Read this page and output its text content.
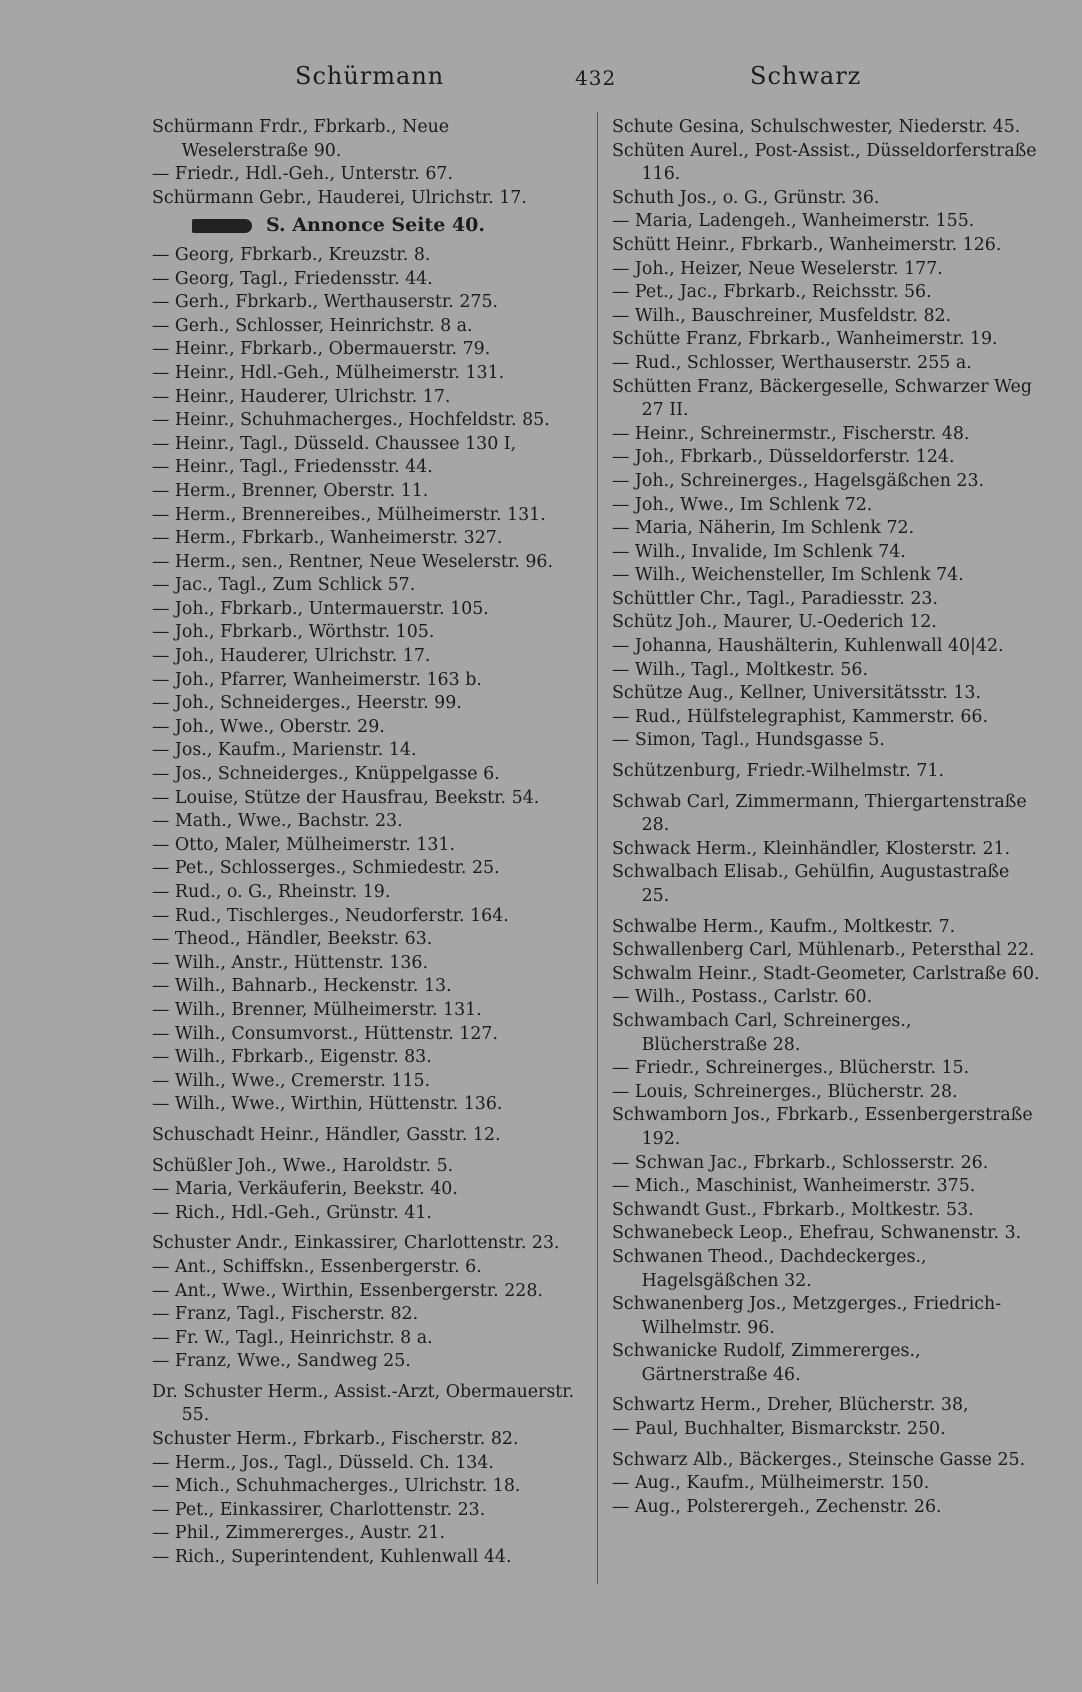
Schürmann	432	Schwarz

Schürmann Frdr., Fbrkarb., Neue Weselerstraße 90.

— Friedr., Hdl.-Geh., Unterstr. 67.

Schürmann Gebr., Hauderei, Ulrichstr. 17.

S. Annonce Seite 40.

— Georg, Fbrkarb., Kreuzstr. 8.

— Georg, Tagl., Friedensstr. 44.

— Gerh., Fbrkarb., Werthauserstr. 275.

— Gerh., Schlosser, Heinrichstr. 8 a.

— Heinr., Fbrkarb., Obermauerstr. 79.

— Heinr., Hdl.-Geh., Mülheimerstr. 131.

— Heinr., Hauderer, Ulrichstr. 17.

— Heinr., Schuhmacherges., Hochfeldstr. 85.

— Heinr., Tagl., Düsseld. Chaussee 130 I,

— Heinr., Tagl., Friedensstr. 44.

— Herm., Brenner, Oberstr. 11.

— Herm., Brennereibes., Mülheimerstr. 131.

— Herm., Fbrkarb., Wanheimerstr. 327.

— Herm., sen., Rentner, Neue Weselerstr. 96.

— Jac., Tagl., Zum Schlick 57.

— Joh., Fbrkarb., Untermauerstr. 105.

— Joh., Fbrkarb., Wörthstr. 105.

— Joh., Hauderer, Ulrichstr. 17.

— Joh., Pfarrer, Wanheimerstr. 163 b.

— Joh., Schneiderges., Heerstr. 99.

— Joh., Wwe., Oberstr. 29.

— Jos., Kaufm., Marienstr. 14.

— Jos., Schneiderges., Knüppelgasse 6.

— Louise, Stütze der Hausfrau, Beekstr. 54.

— Math., Wwe., Bachstr. 23.

— Otto, Maler, Mülheimerstr. 131.

— Pet., Schlosserges., Schmiedestr. 25.

— Rud., o. G., Rheinstr. 19.

— Rud., Tischlerges., Neudorferstr. 164.

— Theod., Händler, Beekstr. 63.

— Wilh., Anstr., Hüttenstr. 136.

— Wilh., Bahnarb., Heckenstr. 13.

— Wilh., Brenner, Mülheimerstr. 131.

— Wilh., Consumvorst., Hüttenstr. 127.

— Wilh., Fbrkarb., Eigenstr. 83.

— Wilh., Wwe., Cremerstr. 115.

— Wilh., Wwe., Wirthin, Hüttenstr. 136.

Schuschadt Heinr., Händler, Gasstr. 12.

Schüßler Joh., Wwe., Haroldstr. 5.

— Maria, Verkäuferin, Beekstr. 40.

— Rich., Hdl.-Geh., Grünstr. 41.

Schuster Andr., Einkassirer, Charlottenstr. 23.

— Ant., Schiffskn., Essenbergerstr. 6.

— Ant., Wwe., Wirthin, Essenbergerstr. 228.

— Franz, Tagl., Fischerstr. 82.

— Fr. W., Tagl., Heinrichstr. 8 a.

— Franz, Wwe., Sandweg 25.

Dr. Schuster Herm., Assist.-Arzt, Obermauerstr. 55.

Schuster Herm., Fbrkarb., Fischerstr. 82.

— Herm., Jos., Tagl., Düsseld. Ch. 134.

— Mich., Schuhmacherges., Ulrichstr. 18.

— Pet., Einkassirer, Charlottenstr. 23.

— Phil., Zimmererges., Austr. 21.

— Rich., Superintendent, Kuhlenwall 44.

Schute Gesina, Schulschwester, Niederstr. 45.

Schüten Aurel., Post-Assist., Düsseldorferstraße 116.

Schuth Jos., o. G., Grünstr. 36.

— Maria, Ladengeh., Wanheimerstr. 155.

Schütt Heinr., Fbrkarb., Wanheimerstr. 126.

— Joh., Heizer, Neue Weselerstr. 177.

— Pet., Jac., Fbrkarb., Reichsstr. 56.

— Wilh., Bauschreiner, Musfeldstr. 82.

Schütte Franz, Fbrkarb., Wanheimerstr. 19.

— Rud., Schlosser, Werthauserstr. 255 a.

Schütten Franz, Bäckergeselle, Schwarzer Weg 27 II.

— Heinr., Schreinermstr., Fischerstr. 48.

— Joh., Fbrkarb., Düsseldorferstr. 124.

— Joh., Schreinerges., Hagelsgäßchen 23.

— Joh., Wwe., Im Schlenk 72.

— Maria, Näherin, Im Schlenk 72.

— Wilh., Invalide, Im Schlenk 74.

— Wilh., Weichensteller, Im Schlenk 74.

Schüttler Chr., Tagl., Paradiesstr. 23.

Schütz Joh., Maurer, U.-Oederich 12.

— Johanna, Haushälterin, Kuhlenwall 40|42.

— Wilh., Tagl., Moltkestr. 56.

Schütze Aug., Kellner, Universitätsstr. 13.

— Rud., Hülfstelegraphist, Kammerstr. 66.

— Simon, Tagl., Hundsgasse 5.

Schützenburg, Friedr.-Wilhelmstr. 71.

Schwab Carl, Zimmermann, Thiergartenstraße 28.

Schwack Herm., Kleinhändler, Klosterstr. 21.

Schwalbach Elisab., Gehülfin, Augustastraße 25.

Schwalbe Herm., Kaufm., Moltkestr. 7.

Schwallenberg Carl, Mühlenarb., Petersthal 22.

Schwalm Heinr., Stadt-Geometer, Carlstraße 60.

— Wilh., Postass., Carlstr. 60.

Schwambach Carl, Schreinerges., Blücherstraße 28.

— Friedr., Schreinerges., Blücherstr. 15.

— Louis, Schreinerges., Blücherstr. 28.

Schwamborn Jos., Fbrkarb., Essenbergerstraße 192.

— Schwan Jac., Fbrkarb., Schlosserstr. 26.

— Mich., Maschinist, Wanheimerstr. 375.

Schwandt Gust., Fbrkarb., Moltkestr. 53.

Schwanebeck Leop., Ehefrau, Schwanenstr. 3.

Schwanen Theod., Dachdeckerges., Hagelsgäßchen 32.

Schwanenberg Jos., Metzgerges., Friedrich-Wilhelmstr. 96.

Schwanicke Rudolf, Zimmererges., Gärtnerstraße 46.

Schwartz Herm., Dreher, Blücherstr. 38,

— Paul, Buchhalter, Bismarckstr. 250.

Schwarz Alb., Bäckerges., Steinsche Gasse 25.

— Aug., Kaufm., Mülheimerstr. 150.

— Aug., Polsterergeh., Zechenstr. 26.
